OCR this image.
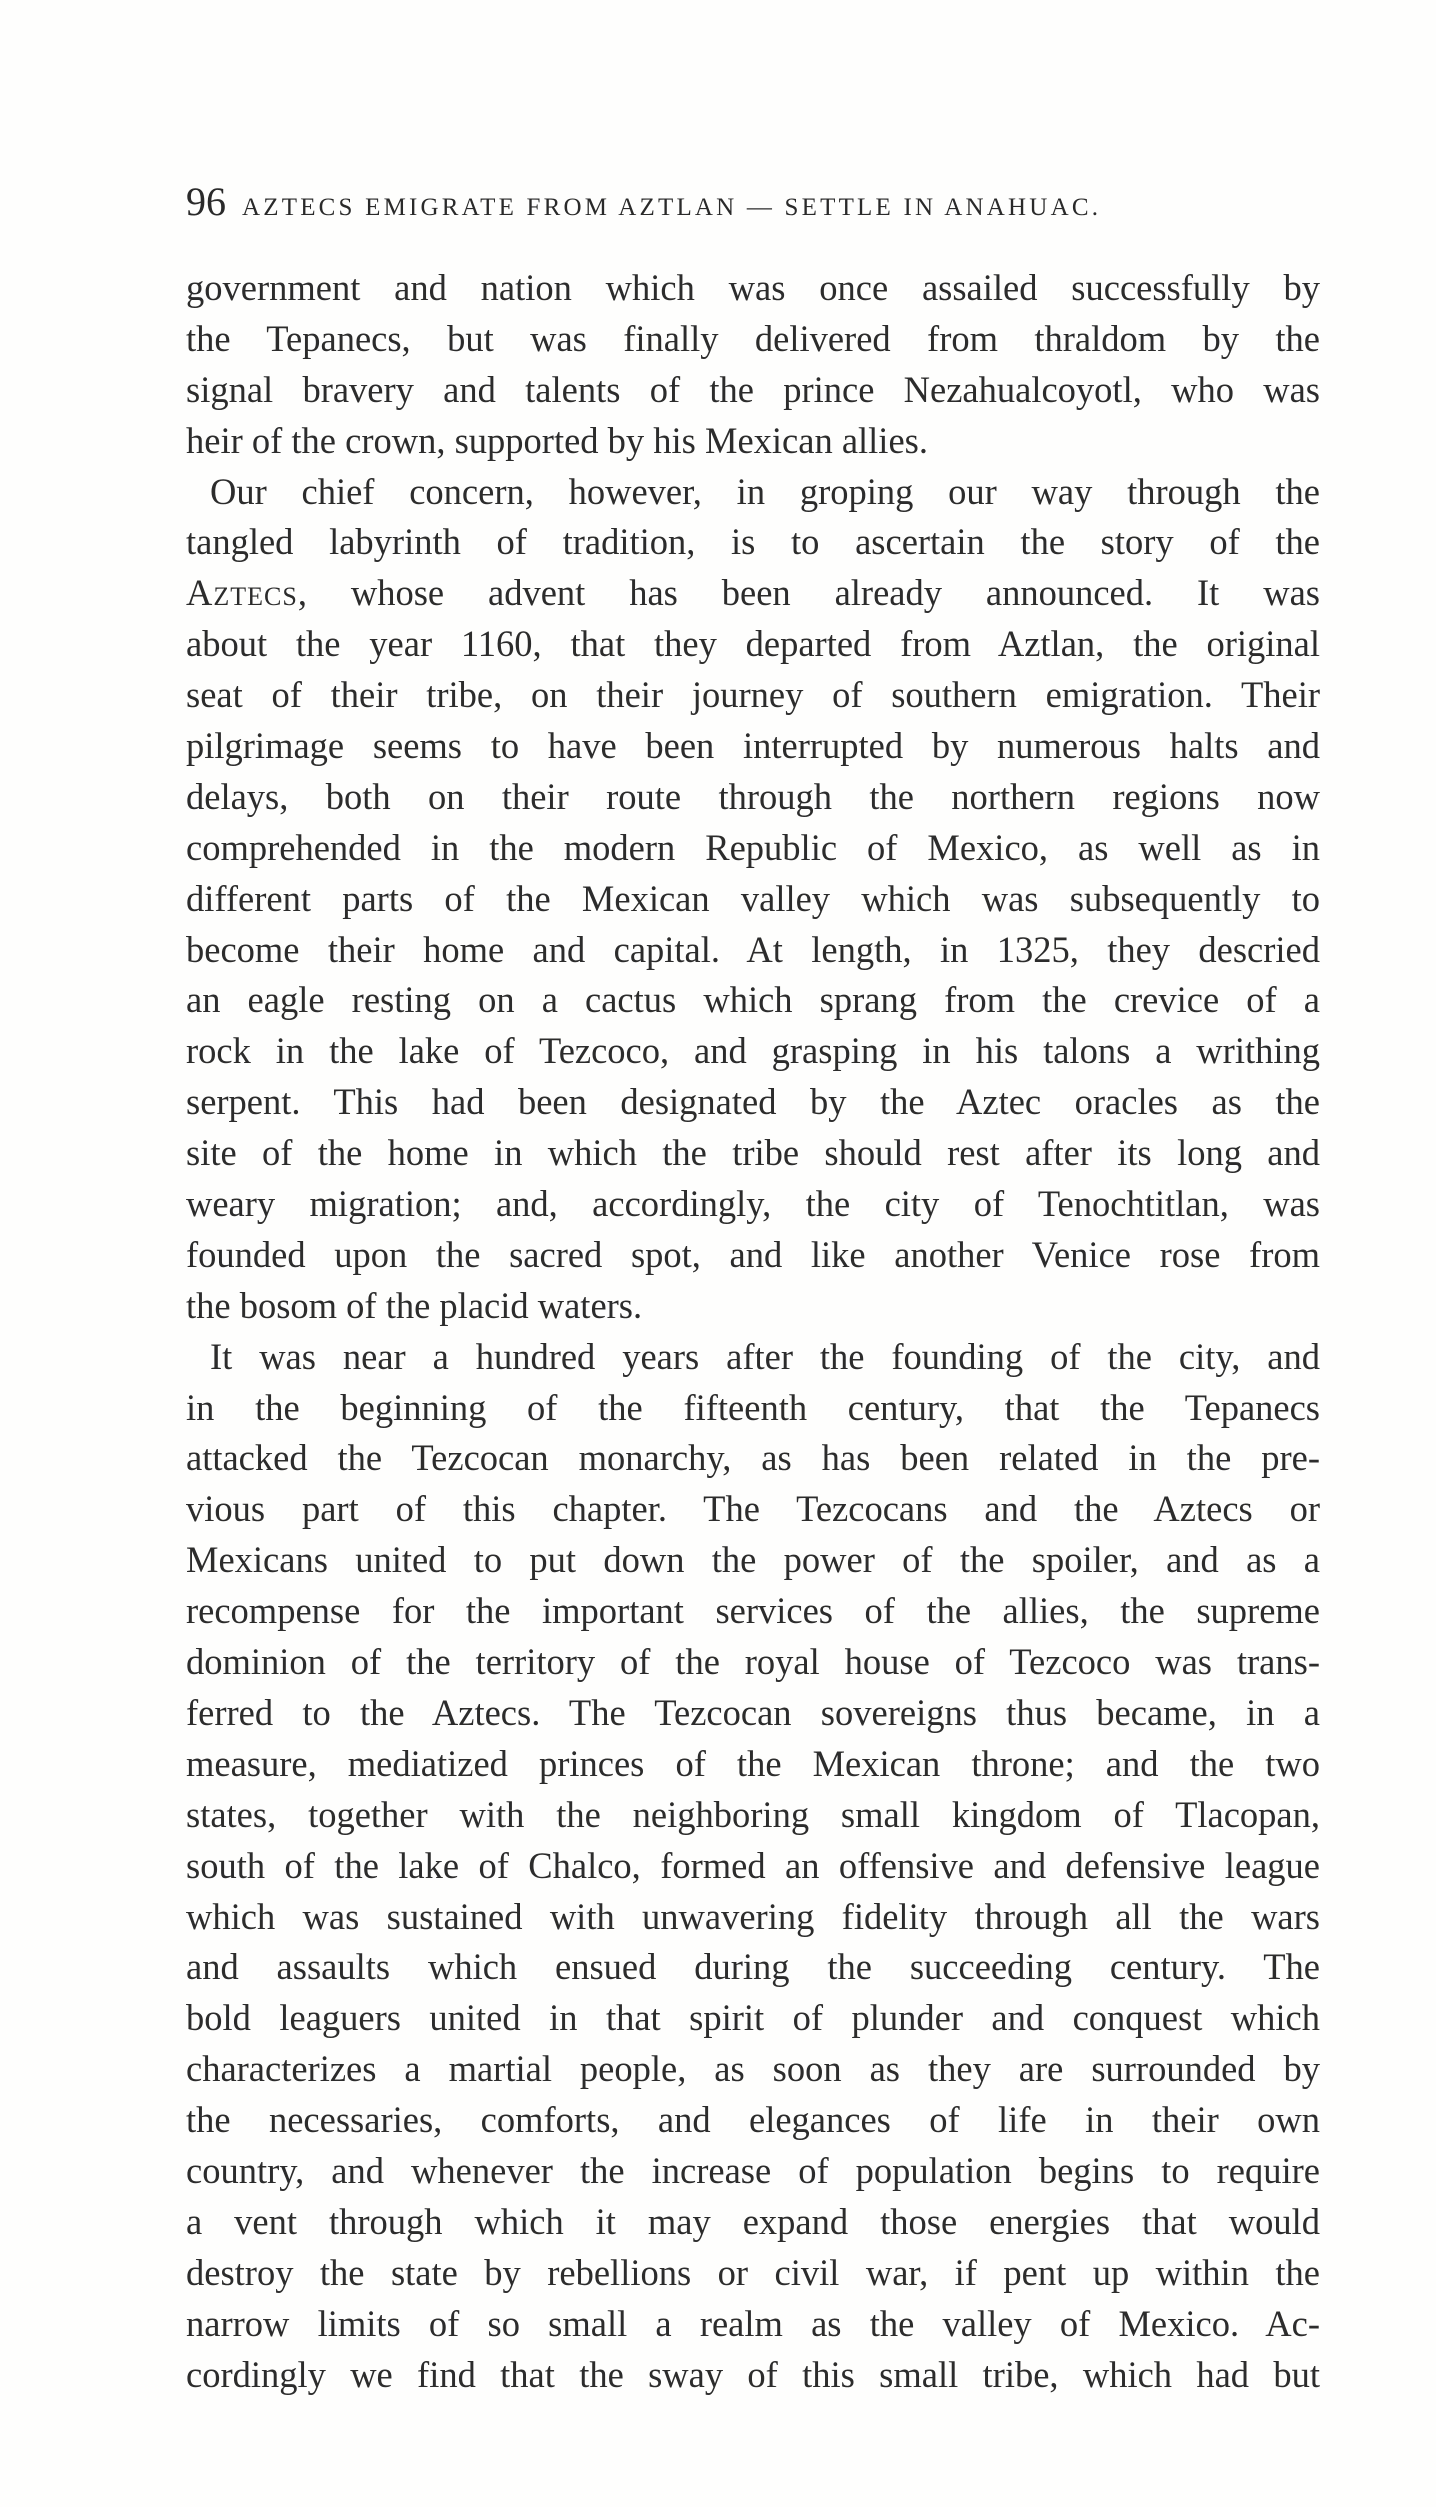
96 AZTECS EMIGRATE FROM AZTLAN — SETTLE IN ANAHUAC.
government and nation which was once assailed successfully by
the Tepanecs, but was finally delivered from thraldom by the
signal bravery and talents of the prince Nezahualcoyotl, who was
heir of the crown, supported by his Mexican allies.
Our chief concern, however, in groping our way through the
tangled labyrinth of tradition, is to ascertain the story of the
Aztecs, whose advent has been already announced. It was
about the year 1160, that they departed from Aztlan, the original
seat of their tribe, on their journey of southern emigration. Their
pilgrimage seems to have been interrupted by numerous halts and
delays, both on their route through the northern regions now
comprehended in the modern Republic of Mexico, as well as in
different parts of the Mexican valley which was subsequently to
become their home and capital. At length, in 1325, they descried
an eagle resting on a cactus which sprang from the crevice of a
rock in the lake of Tezcoco, and grasping in his talons a writhing
serpent. This had been designated by the Aztec oracles as the
site of the home in which the tribe should rest after its long and
weary migration; and, accordingly, the city of Tenochtitlan, was
founded upon the sacred spot, and like another Venice rose from
the bosom of the placid waters.
It was near a hundred years after the founding of the city, and
in the beginning of the fifteenth century, that the Tepanecs
attacked the Tezcocan monarchy, as has been related in the pre-
vious part of this chapter. The Tezcocans and the Aztecs or
Mexicans united to put down the power of the spoiler, and as a
recompense for the important services of the allies, the supreme
dominion of the territory of the royal house of Tezcoco was trans-
ferred to the Aztecs. The Tezcocan sovereigns thus became, in a
measure, mediatized princes of the Mexican throne; and the two
states, together with the neighboring small kingdom of Tlacopan,
south of the lake of Chalco, formed an offensive and defensive league
which was sustained with unwavering fidelity through all the wars
and assaults which ensued during the succeeding century. The
bold leaguers united in that spirit of plunder and conquest which
characterizes a martial people, as soon as they are surrounded by
the necessaries, comforts, and elegances of life in their own
country, and whenever the increase of population begins to require
a vent through which it may expand those energies that would
destroy the state by rebellions or civil war, if pent up within the
narrow limits of so small a realm as the valley of Mexico. Ac-
cordingly we find that the sway of this small tribe, which had but
